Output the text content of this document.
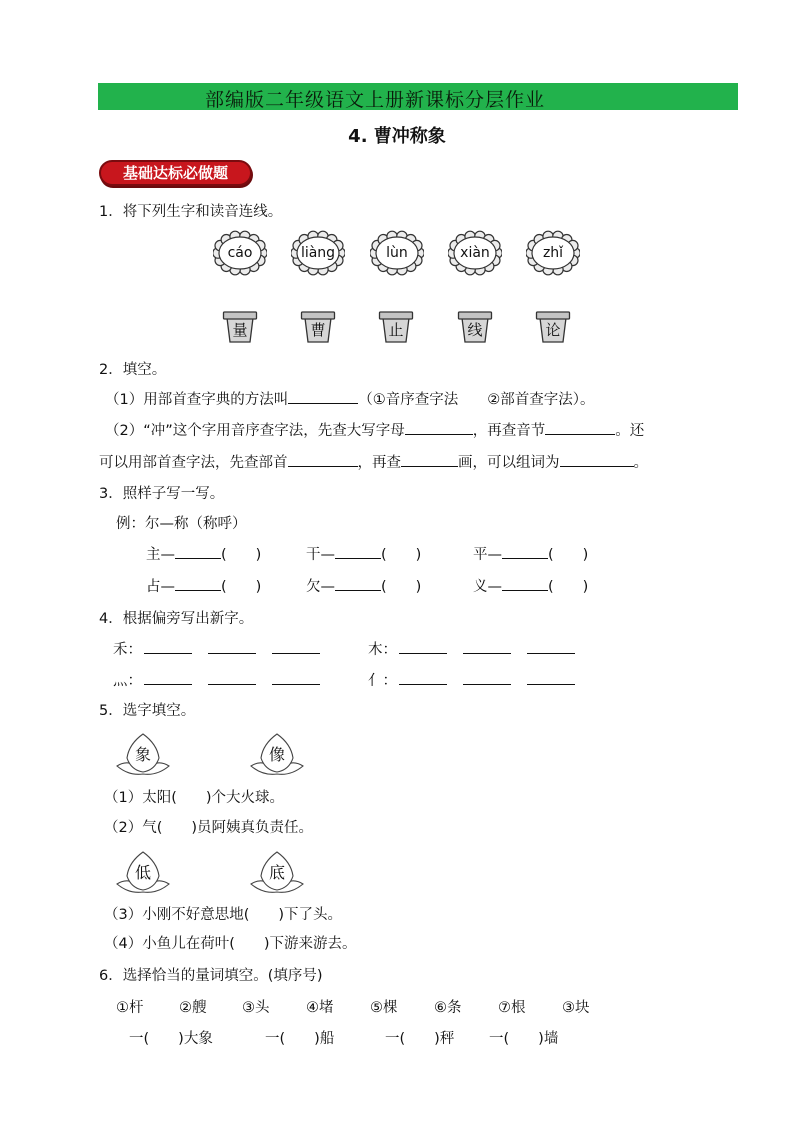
部编版二年级语文上册新课标分层作业
4. 曹冲称象
基础达标必做题
1．将下列生字和读音连线。
cáo	liàng	lùn	xiàn	zhǐ
量	曹	止	线	论
2．填空。
（1）用部首查字典的方法叫	（①音序查字法　　②部首查字法）。
（2）“冲”这个字用音序查字法，先查大写字母	，再查音节	。还
可以用部首查字法，先查部首	，再查	画，可以组词为	。
3．照样子写一写。
例：尔—称（称呼）
主—	(　　)	干—	(　　)	平—	(　　)
占—	(　　)	欠—	(　　)	义—	(　　)
4．根据偏旁写出新字。
禾：	木：
灬：	亻：
5．选字填空。
象	像
低	底
（1）太阳(　　)个大火球。
（2）气(　　)员阿姨真负责任。
（3）小刚不好意思地(　　)下了头。
（4）小鱼儿在荷叶(　　)下游来游去。
6．选择恰当的量词填空。(填序号)
①杆 ②艘 ③头	④堵	⑤棵	⑥条	⑦根	③块
一(　　)大象	一(　　)船	一(　　)秤 一(　　)墙
